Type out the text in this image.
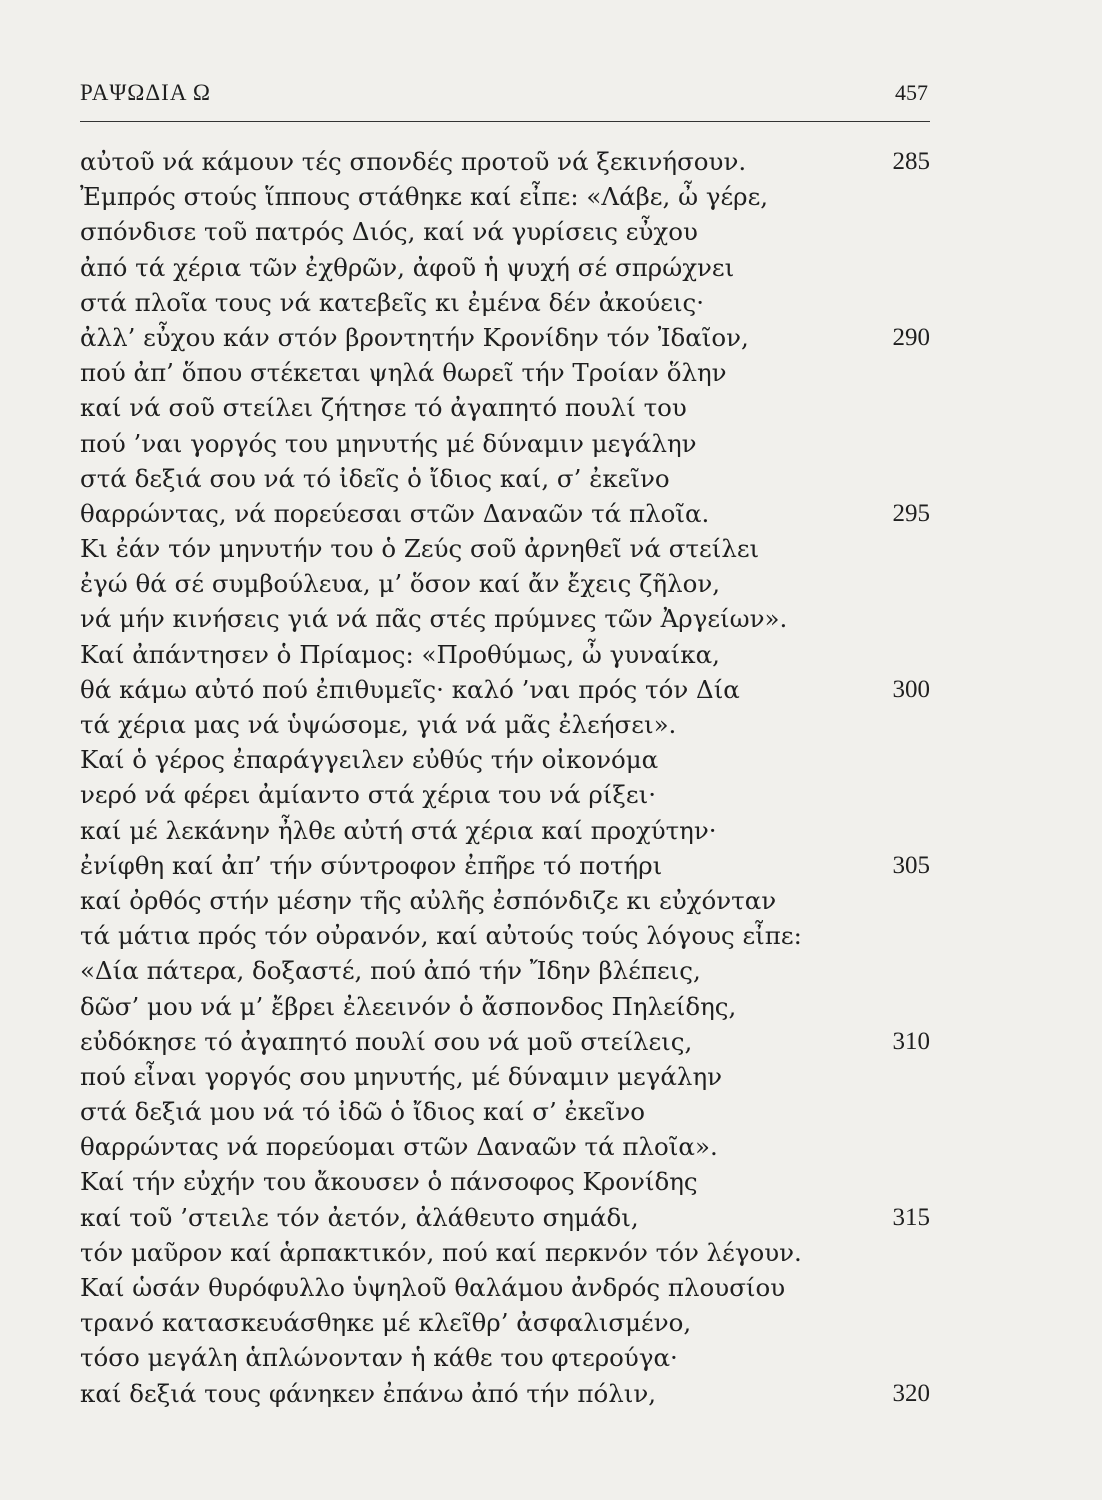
ΡΑΨΩΔΙΑ Ω	457
αὐτοῦ νά κάμουν τές σπονδές προτοῦ νά ξεκινήσουν.	285
Ἐμπρός στούς ἵππους στάθηκε καί εἶπε: «Λάβε, ὦ γέρε,
σπόνδισε τοῦ πατρός Διός, καί νά γυρίσεις εὖχου
ἀπό τά χέρια τῶν ἐχθρῶν, ἀφοῦ ἡ ψυχή σέ σπρώχνει
στά πλοῖα τους νά κατεβεῖς κι ἐμένα δέν ἀκούεις·
ἀλλ’ εὖχου κάν στόν βροντητήν Κρονίδην τόν Ἰδαῖον,	290
πού ἀπ’ ὅπου στέκεται ψηλά θωρεῖ τήν Τροίαν ὅλην
καί νά σοῦ στείλει ζήτησε τό ἀγαπητό πουλί του
πού ’ναι γοργός του μηνυτής μέ δύναμιν μεγάλην
στά δεξιά σου νά τό ἰδεῖς ὁ ἴδιος καί, σ’ ἐκεῖνο
θαρρώντας, νά πορεύεσαι στῶν Δαναῶν τά πλοῖα.	295
Κι ἐάν τόν μηνυτήν του ὁ Ζεύς σοῦ ἀρνηθεῖ νά στείλει
ἐγώ θά σέ συμβούλευα, μ’ ὅσον καί ἄν ἔχεις ζῆλον,
νά μήν κινήσεις γιά νά πᾶς στές πρύμνες τῶν Ἀργείων».
Καί ἀπάντησεν ὁ Πρίαμος: «Προθύμως, ὦ γυναίκα,
θά κάμω αὐτό πού ἐπιθυμεῖς· καλό ’ναι πρός τόν Δία	300
τά χέρια μας νά ὑψώσομε, γιά νά μᾶς ἐλεήσει».
Καί ὁ γέρος ἐπαράγγειλεν εὐθύς τήν οἰκονόμα
νερό νά φέρει ἀμίαντο στά χέρια του νά ρίξει·
καί μέ λεκάνην ἦλθε αὐτή στά χέρια καί προχύτην·
ἐνίφθη καί ἀπ’ τήν σύντροφον ἐπῆρε τό ποτήρι	305
καί ὀρθός στήν μέσην τῆς αὐλῆς ἐσπόνδιζε κι εὐχόνταν
τά μάτια πρός τόν οὐρανόν, καί αὐτούς τούς λόγους εἶπε:
«Δία πάτερα, δοξαστέ, πού ἀπό τήν Ἴδην βλέπεις,
δῶσ’ μου νά μ’ ἔβρει ἐλεεινόν ὁ ἄσπονδος Πηλείδης,
εὐδόκησε τό ἀγαπητό πουλί σου νά μοῦ στείλεις,	310
πού εἶναι γοργός σου μηνυτής, μέ δύναμιν μεγάλην
στά δεξιά μου νά τό ἰδῶ ὁ ἴδιος καί σ’ ἐκεῖνο
θαρρώντας νά πορεύομαι στῶν Δαναῶν τά πλοῖα».
Καί τήν εὐχήν του ἄκουσεν ὁ πάνσοφος Κρονίδης
καί τοῦ ’στειλε τόν ἀετόν, ἀλάθευτο σημάδι,	315
τόν μαῦρον καί ἁρπακτικόν, πού καί περκνόν τόν λέγουν.
Καί ὡσάν θυρόφυλλο ὑψηλοῦ θαλάμου ἀνδρός πλουσίου
τρανό κατασκευάσθηκε μέ κλεῖθρ’ ἀσφαλισμένο,
τόσο μεγάλη ἁπλώνονταν ἡ κάθε του φτερούγα·
καί δεξιά τους φάνηκεν ἐπάνω ἀπό τήν πόλιν,	320
